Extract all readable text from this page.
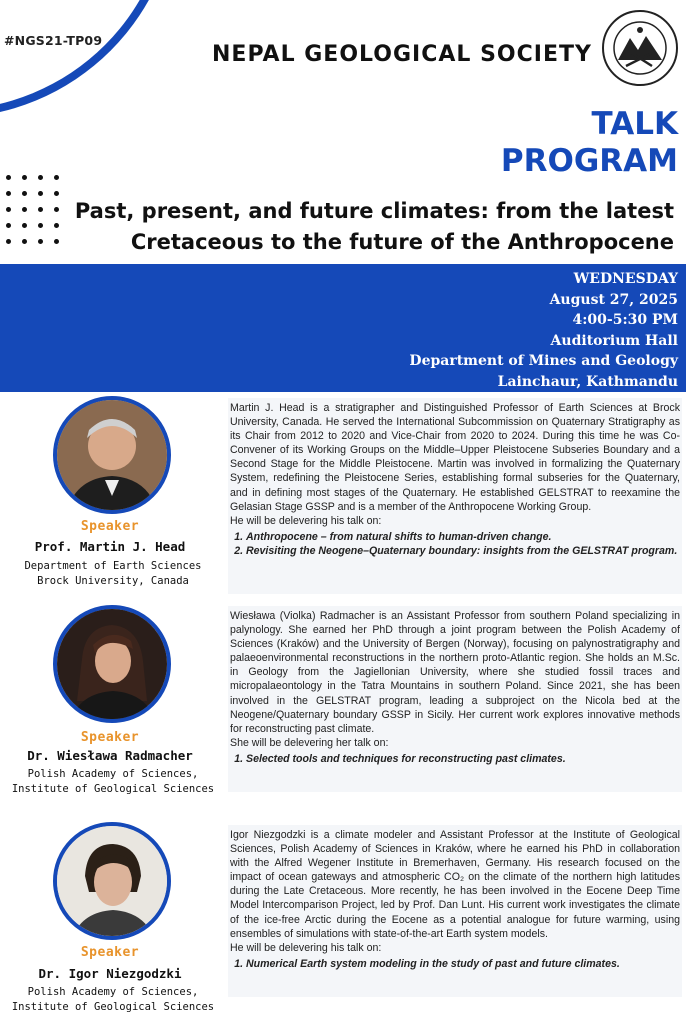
#NGS21-TP09
NEPAL GEOLOGICAL SOCIETY
TALK
PROGRAM
Past, present, and future climates: from the latest
Cretaceous to the future of the Anthropocene
WEDNESDAY
August 27, 2025
4:00-5:30 PM
Auditorium Hall
Department of Mines and Geology
Lainchaur, Kathmandu
Speaker
Prof. Martin J. Head
Department of Earth Sciences
Brock University, Canada

Martin J. Head is a stratigrapher and Distinguished Professor of Earth Sciences at Brock University, Canada. He served the International Subcommission on Quaternary Stratigraphy as its Chair from 2012 to 2020 and Vice-Chair from 2020 to 2024. During this time he was Co-Convener of its Working Groups on the Middle–Upper Pleistocene Subseries Boundary and a Second Stage for the Middle Pleistocene. Martin was involved in formalizing the Quaternary System, redefining the Pleistocene Series, establishing formal subseries for the Quaternary, and in defining most stages of the Quaternary. He established GELSTRAT to reexamine the Gelasian Stage GSSP and is a member of the Anthropocene Working Group.

He will be delevering his talk on:

1. Anthropocene – from natural shifts to human-driven change.
2. Revisiting the Neogene–Quaternary boundary: insights from the GELSTRAT program.
Speaker
Dr. Wiesława Radmacher
Polish Academy of Sciences,
Institute of Geological Sciences

Wiesława (Violka) Radmacher is an Assistant Professor from southern Poland specializing in palynology. She earned her PhD through a joint program between the Polish Academy of Sciences (Kraków) and the University of Bergen (Norway), focusing on palynostratigraphy and palaeoenvironmental reconstructions in the northern proto-Atlantic region. She holds an M.Sc. in Geology from the Jagiellonian University, where she studied fossil traces and micropalaeontology in the Tatra Mountains in southern Poland. Since 2021, she has been involved in the GELSTRAT program, leading a subproject on the Nicola bed at the Neogene/Quaternary boundary GSSP in Sicily. Her current work explores innovative methods for reconstructing past climate.

She will be delevering her talk on:

1. Selected tools and techniques for reconstructing past climates.
Speaker
Dr. Igor Niezgodzki
Polish Academy of Sciences,
Institute of Geological Sciences

Igor Niezgodzki is a climate modeler and Assistant Professor at the Institute of Geological Sciences, Polish Academy of Sciences in Kraków, where he earned his PhD in collaboration with the Alfred Wegener Institute in Bremerhaven, Germany. His research focused on the impact of ocean gateways and atmospheric CO₂ on the climate of the northern high latitudes during the Late Cretaceous. More recently, he has been involved in the Eocene Deep Time Model Intercomparison Project, led by Prof. Dan Lunt. His current work investigates the climate of the ice-free Arctic during the Eocene as a potential analogue for future warming, using ensembles of simulations with state-of-the-art Earth system models.

He will be delevering his talk on:

1. Numerical Earth system modeling in the study of past and future climates.
